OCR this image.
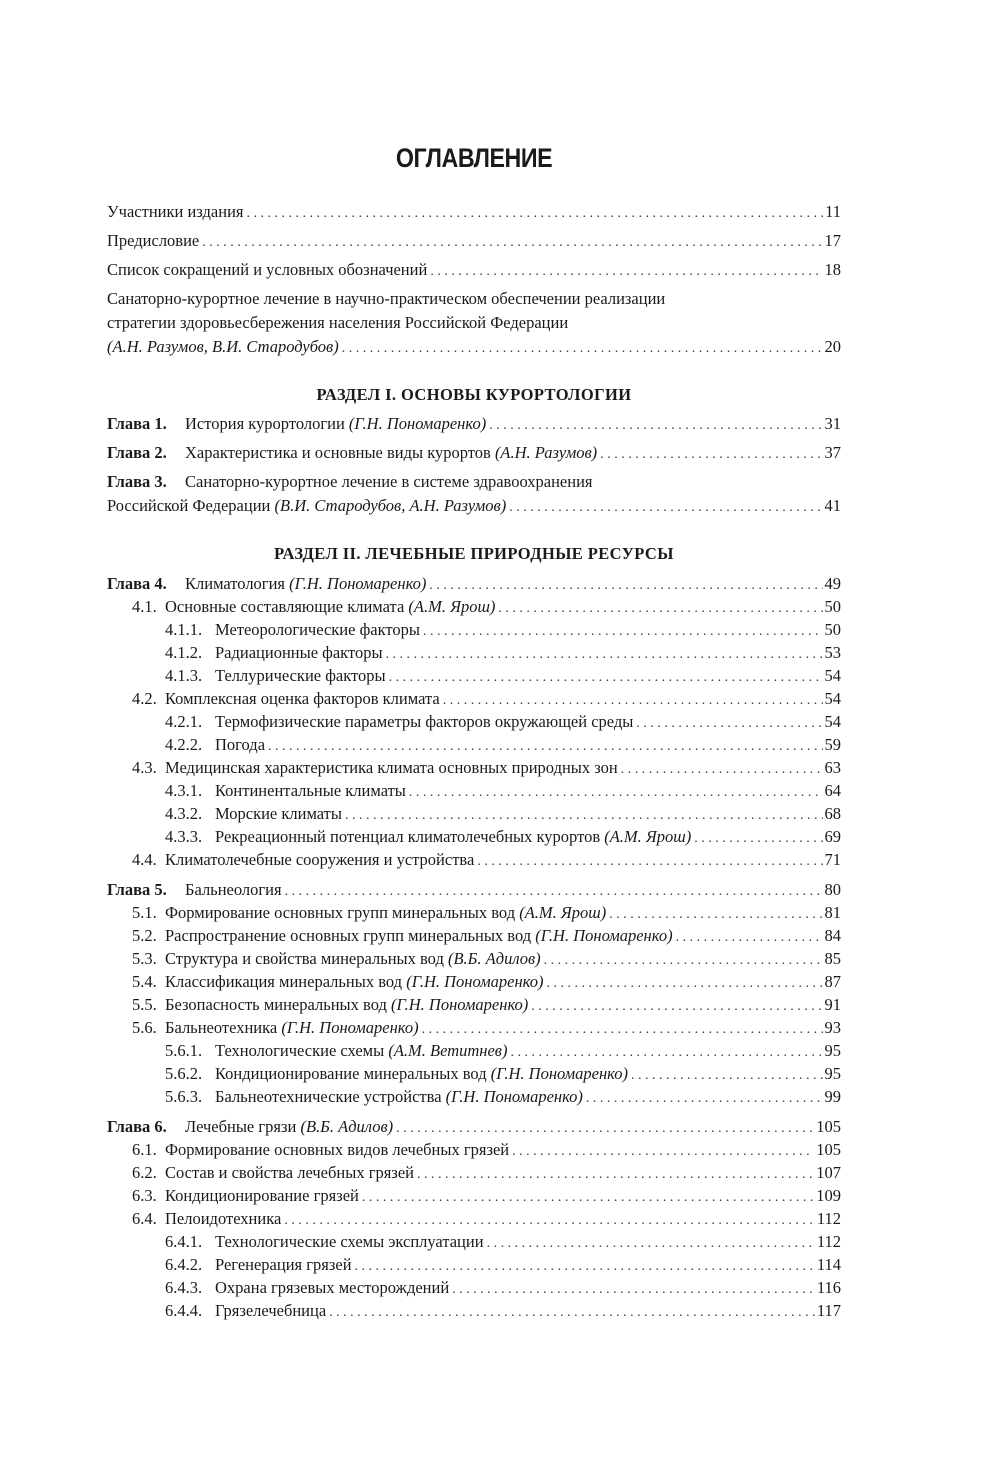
ОГЛАВЛЕНИЕ
Участники издания . . .	11
Предисловие . . .	17
Список сокращений и условных обозначений . . .	18
Санаторно-курортное лечение в научно-практическом обеспечении реализации
стратегии здоровьесбережения населения Российской Федерации
(А.Н. Разумов, В.И. Стародубов) . . .	20
РАЗДЕЛ I. ОСНОВЫ КУРОРТОЛОГИИ
Глава 1. История курортологии (Г.Н. Пономаренко) . . .	31
Глава 2. Характеристика и основные виды курортов (А.Н. Разумов) . . .	37
Глава 3. Санаторно-курортное лечение в системе здравоохранения
Российской Федерации (В.И. Стародубов, А.Н. Разумов) . . .	41
РАЗДЕЛ II. ЛЕЧЕБНЫЕ ПРИРОДНЫЕ РЕСУРСЫ
Глава 4. Климатология (Г.Н. Пономаренко) . . .	49
4.1. Основные составляющие климата (А.М. Ярош) . . .	50
4.1.1. Метеорологические факторы . . .	50
4.1.2. Радиационные факторы . . .	53
4.1.3. Теллурические факторы . . .	54
4.2. Комплексная оценка факторов климата . . .	54
4.2.1. Термофизические параметры факторов окружающей среды . . .	54
4.2.2. Погода . . .	59
4.3. Медицинская характеристика климата основных природных зон . . .	63
4.3.1. Континентальные климаты . . .	64
4.3.2. Морские климаты . . .	68
4.3.3. Рекреационный потенциал климатолечебных курортов (А.М. Ярош) . . .	69
4.4. Климатолечебные сооружения и устройства . . .	71
Глава 5. Бальнеология . . .	80
5.1. Формирование основных групп минеральных вод (А.М. Ярош) . . .	81
5.2. Распространение основных групп минеральных вод (Г.Н. Пономаренко) . . .	84
5.3. Структура и свойства минеральных вод (В.Б. Адилов) . . .	85
5.4. Классификация минеральных вод (Г.Н. Пономаренко) . . .	87
5.5. Безопасность минеральных вод (Г.Н. Пономаренко) . . .	91
5.6. Бальнеотехника (Г.Н. Пономаренко) . . .	93
5.6.1. Технологические схемы (А.М. Ветитнев) . . .	95
5.6.2. Кондиционирование минеральных вод (Г.Н. Пономаренко) . . .	95
5.6.3. Бальнеотехнические устройства (Г.Н. Пономаренко) . . .	99
Глава 6. Лечебные грязи (В.Б. Адилов) . . .	105
6.1. Формирование основных видов лечебных грязей . . .	105
6.2. Состав и свойства лечебных грязей . . .	107
6.3. Кондиционирование грязей . . .	109
6.4. Пелоидотехника . . .	112
6.4.1. Технологические схемы эксплуатации . . .	112
6.4.2. Регенерация грязей . . .	114
6.4.3. Охрана грязевых месторождений . . .	116
6.4.4. Грязелечебница . . .	117
